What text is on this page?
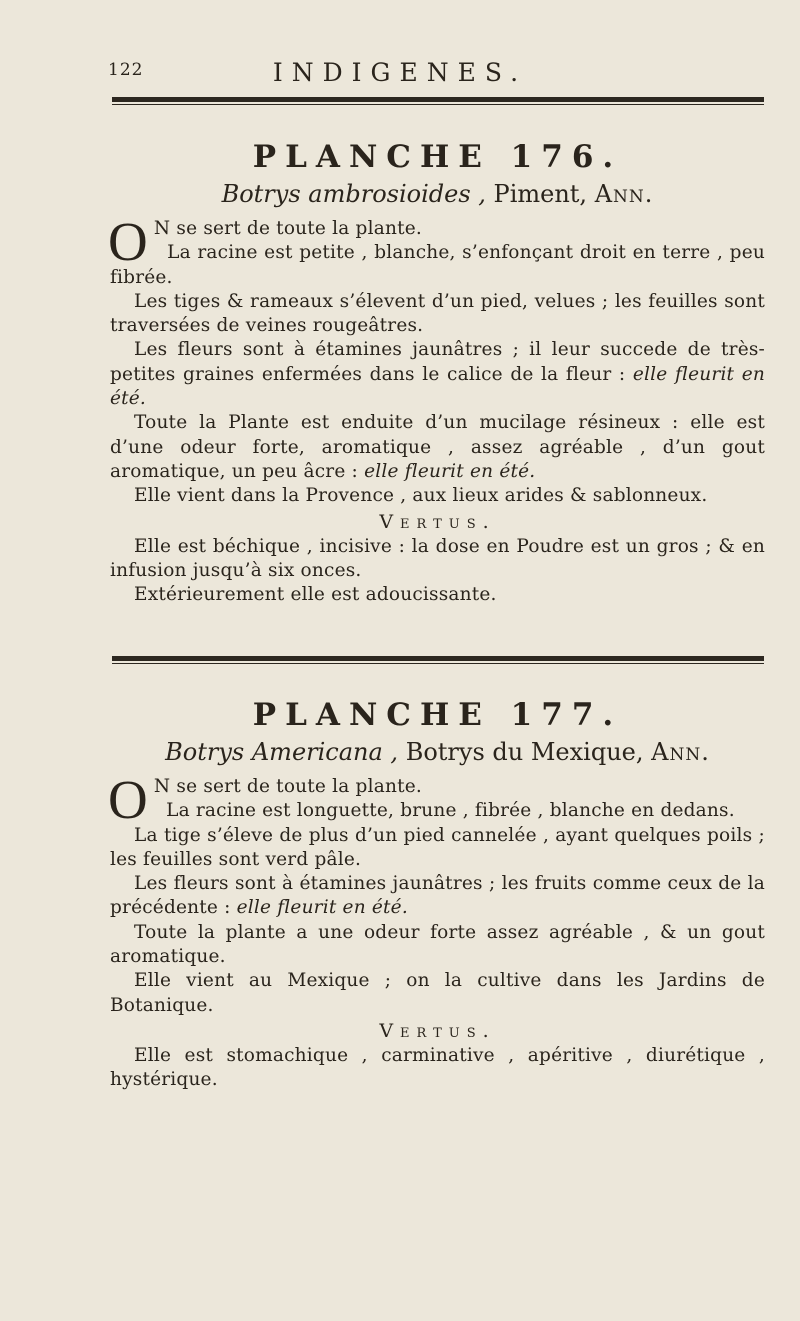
122	INDIGENES.
PLANCHE 176.

Botrys ambrosioides , Piment, Ann.

O N se sert de toute la plante.
La racine est petite , blanche, s’enfonçant droit en terre , peu fibrée.

Les tiges & rameaux s’élevent d’un pied, velues ; les feuilles sont traversées de veines rougeâtres.

Les fleurs sont à étamines jaunâtres ; il leur succede de très-petites graines enfermées dans le calice de la fleur : elle fleurit en été.

Toute la Plante est enduite d’un mucilage résineux : elle est d’une odeur forte, aromatique , assez agréable , d’un gout aromatique, un peu âcre : elle fleurit en été.

Elle vient dans la Provence , aux lieux arides & sablonneux.

Vertus.

Elle est béchique , incisive : la dose en Poudre est un gros ; & en infusion jusqu’à six onces.

Extérieurement elle est adoucissante.

PLANCHE 177.

Botrys Americana , Botrys du Mexique, Ann.

O N se sert de toute la plante.
La racine est longuette, brune , fibrée , blanche en dedans.

La tige s’éleve de plus d’un pied cannelée , ayant quelques poils ; les feuilles sont verd pâle.

Les fleurs sont à étamines jaunâtres ; les fruits comme ceux de la précédente : elle fleurit en été.

Toute la plante a une odeur forte assez agréable , & un gout aromatique.

Elle vient au Mexique ; on la cultive dans les Jardins de Botanique.

Vertus.

Elle est stomachique , carminative , apéritive , diurétique , hystérique.
